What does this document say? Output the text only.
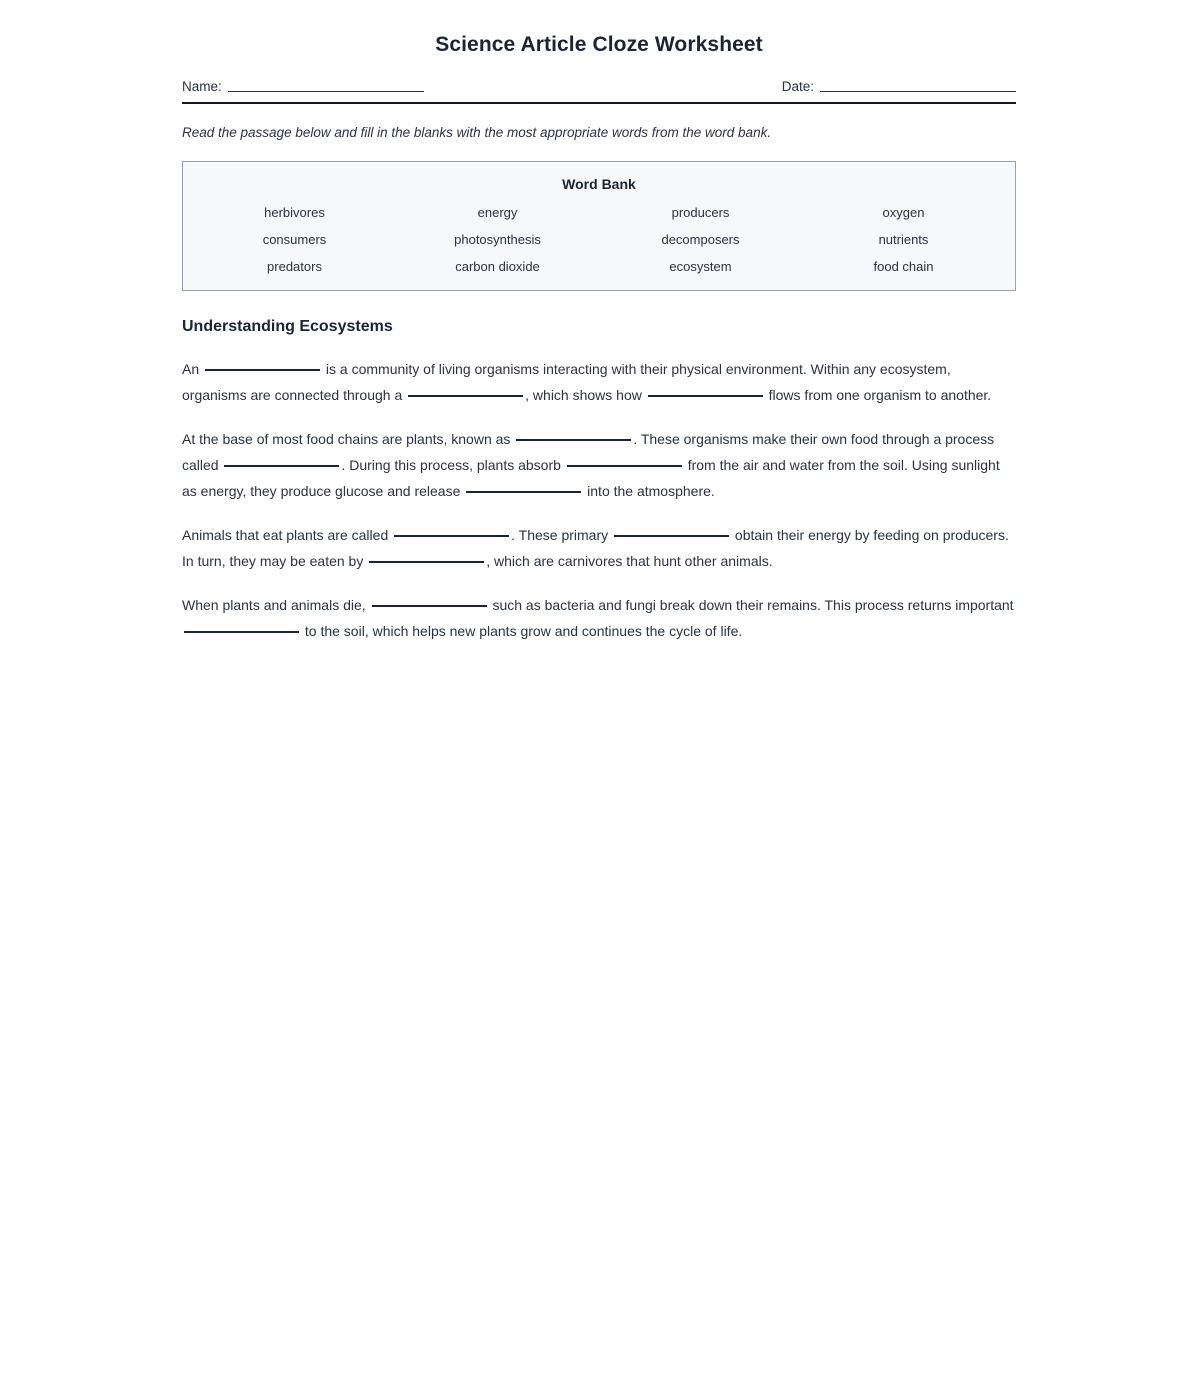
Science Article Cloze Worksheet
Name:	Date:
Read the passage below and fill in the blanks with the most appropriate words from the word bank.
Word Bank
herbivores	energy	producers	oxygen
consumers	photosynthesis	decomposers	nutrients
predators	carbon dioxide	ecosystem	food chain
Understanding Ecosystems

An	is a community of living organisms interacting with their physical environment. Within any ecosystem, organisms are connected through a	, which shows how	flows from one organism to another.

At the base of most food chains are plants, known as	. These organisms make their own food through a process called	. During this process, plants absorb	from the air and water from the soil. Using sunlight as energy, they produce glucose and release	into the atmosphere.

Animals that eat plants are called	. These primary	obtain their energy by feeding on producers. In turn, they may be eaten by	, which are carnivores that hunt other animals.

When plants and animals die,	such as bacteria and fungi break down their remains. This process returns important  to the soil, which helps new plants grow and continues the cycle of life.
